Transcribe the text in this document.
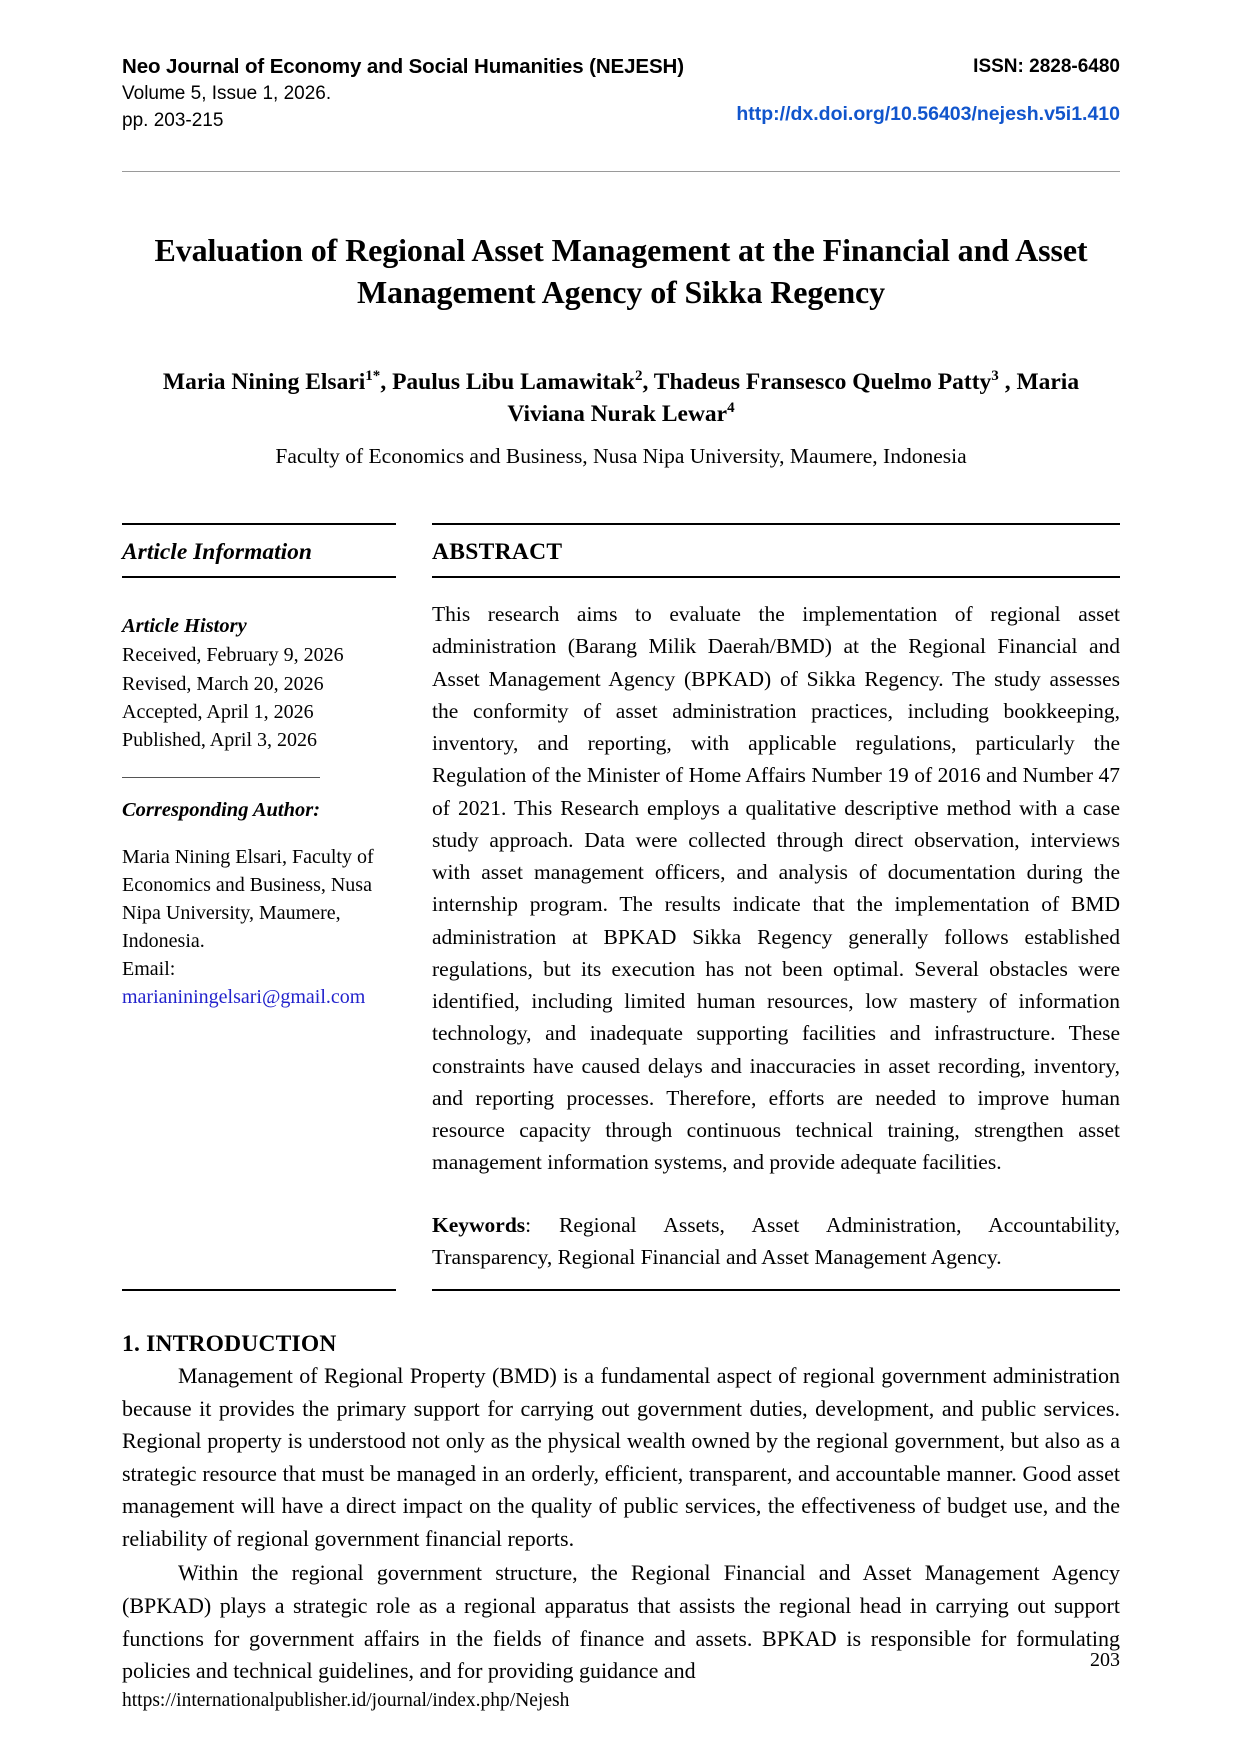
Neo Journal of Economy and Social Humanities (NEJESH)
Volume 5, Issue 1, 2026.
pp. 203-215
ISSN: 2828-6480
http://dx.doi.org/10.56403/nejesh.v5i1.410
Evaluation of Regional Asset Management at the Financial and Asset Management Agency of Sikka Regency
Maria Nining Elsari$^{1*}$, Paulus Libu Lamawitak$^2$, Thadeus Fransesco Quelmo Patty$^3$ , Maria Viviana Nurak Lewar$^4$
Faculty of Economics and Business, Nusa Nipa University, Maumere, Indonesia
Article Information
Article History
Received, February 9, 2026
Revised, March 20, 2026
Accepted, April 1, 2026
Published, April 3, 2026
Corresponding Author:
Maria Nining Elsari, Faculty of Economics and Business, Nusa Nipa University, Maumere, Indonesia.
Email:
marianiningelsari@gmail.com
ABSTRACT
This research aims to evaluate the implementation of regional asset administration (Barang Milik Daerah/BMD) at the Regional Financial and Asset Management Agency (BPKAD) of Sikka Regency. The study assesses the conformity of asset administration practices, including bookkeeping, inventory, and reporting, with applicable regulations, particularly the Regulation of the Minister of Home Affairs Number 19 of 2016 and Number 47 of 2021. This Research employs a qualitative descriptive method with a case study approach. Data were collected through direct observation, interviews with asset management officers, and analysis of documentation during the internship program. The results indicate that the implementation of BMD administration at BPKAD Sikka Regency generally follows established regulations, but its execution has not been optimal. Several obstacles were identified, including limited human resources, low mastery of information technology, and inadequate supporting facilities and infrastructure. These constraints have caused delays and inaccuracies in asset recording, inventory, and reporting processes. Therefore, efforts are needed to improve human resource capacity through continuous technical training, strengthen asset management information systems, and provide adequate facilities.
Keywords: Regional Assets, Asset Administration, Accountability, Transparency, Regional Financial and Asset Management Agency.
1. INTRODUCTION
Management of Regional Property (BMD) is a fundamental aspect of regional government administration because it provides the primary support for carrying out government duties, development, and public services. Regional property is understood not only as the physical wealth owned by the regional government, but also as a strategic resource that must be managed in an orderly, efficient, transparent, and accountable manner. Good asset management will have a direct impact on the quality of public services, the effectiveness of budget use, and the reliability of regional government financial reports.
Within the regional government structure, the Regional Financial and Asset Management Agency (BPKAD) plays a strategic role as a regional apparatus that assists the regional head in carrying out support functions for government affairs in the fields of finance and assets. BPKAD is responsible for formulating policies and technical guidelines, and for providing guidance and	203
https://internationalpublisher.id/journal/index.php/Nejesh
